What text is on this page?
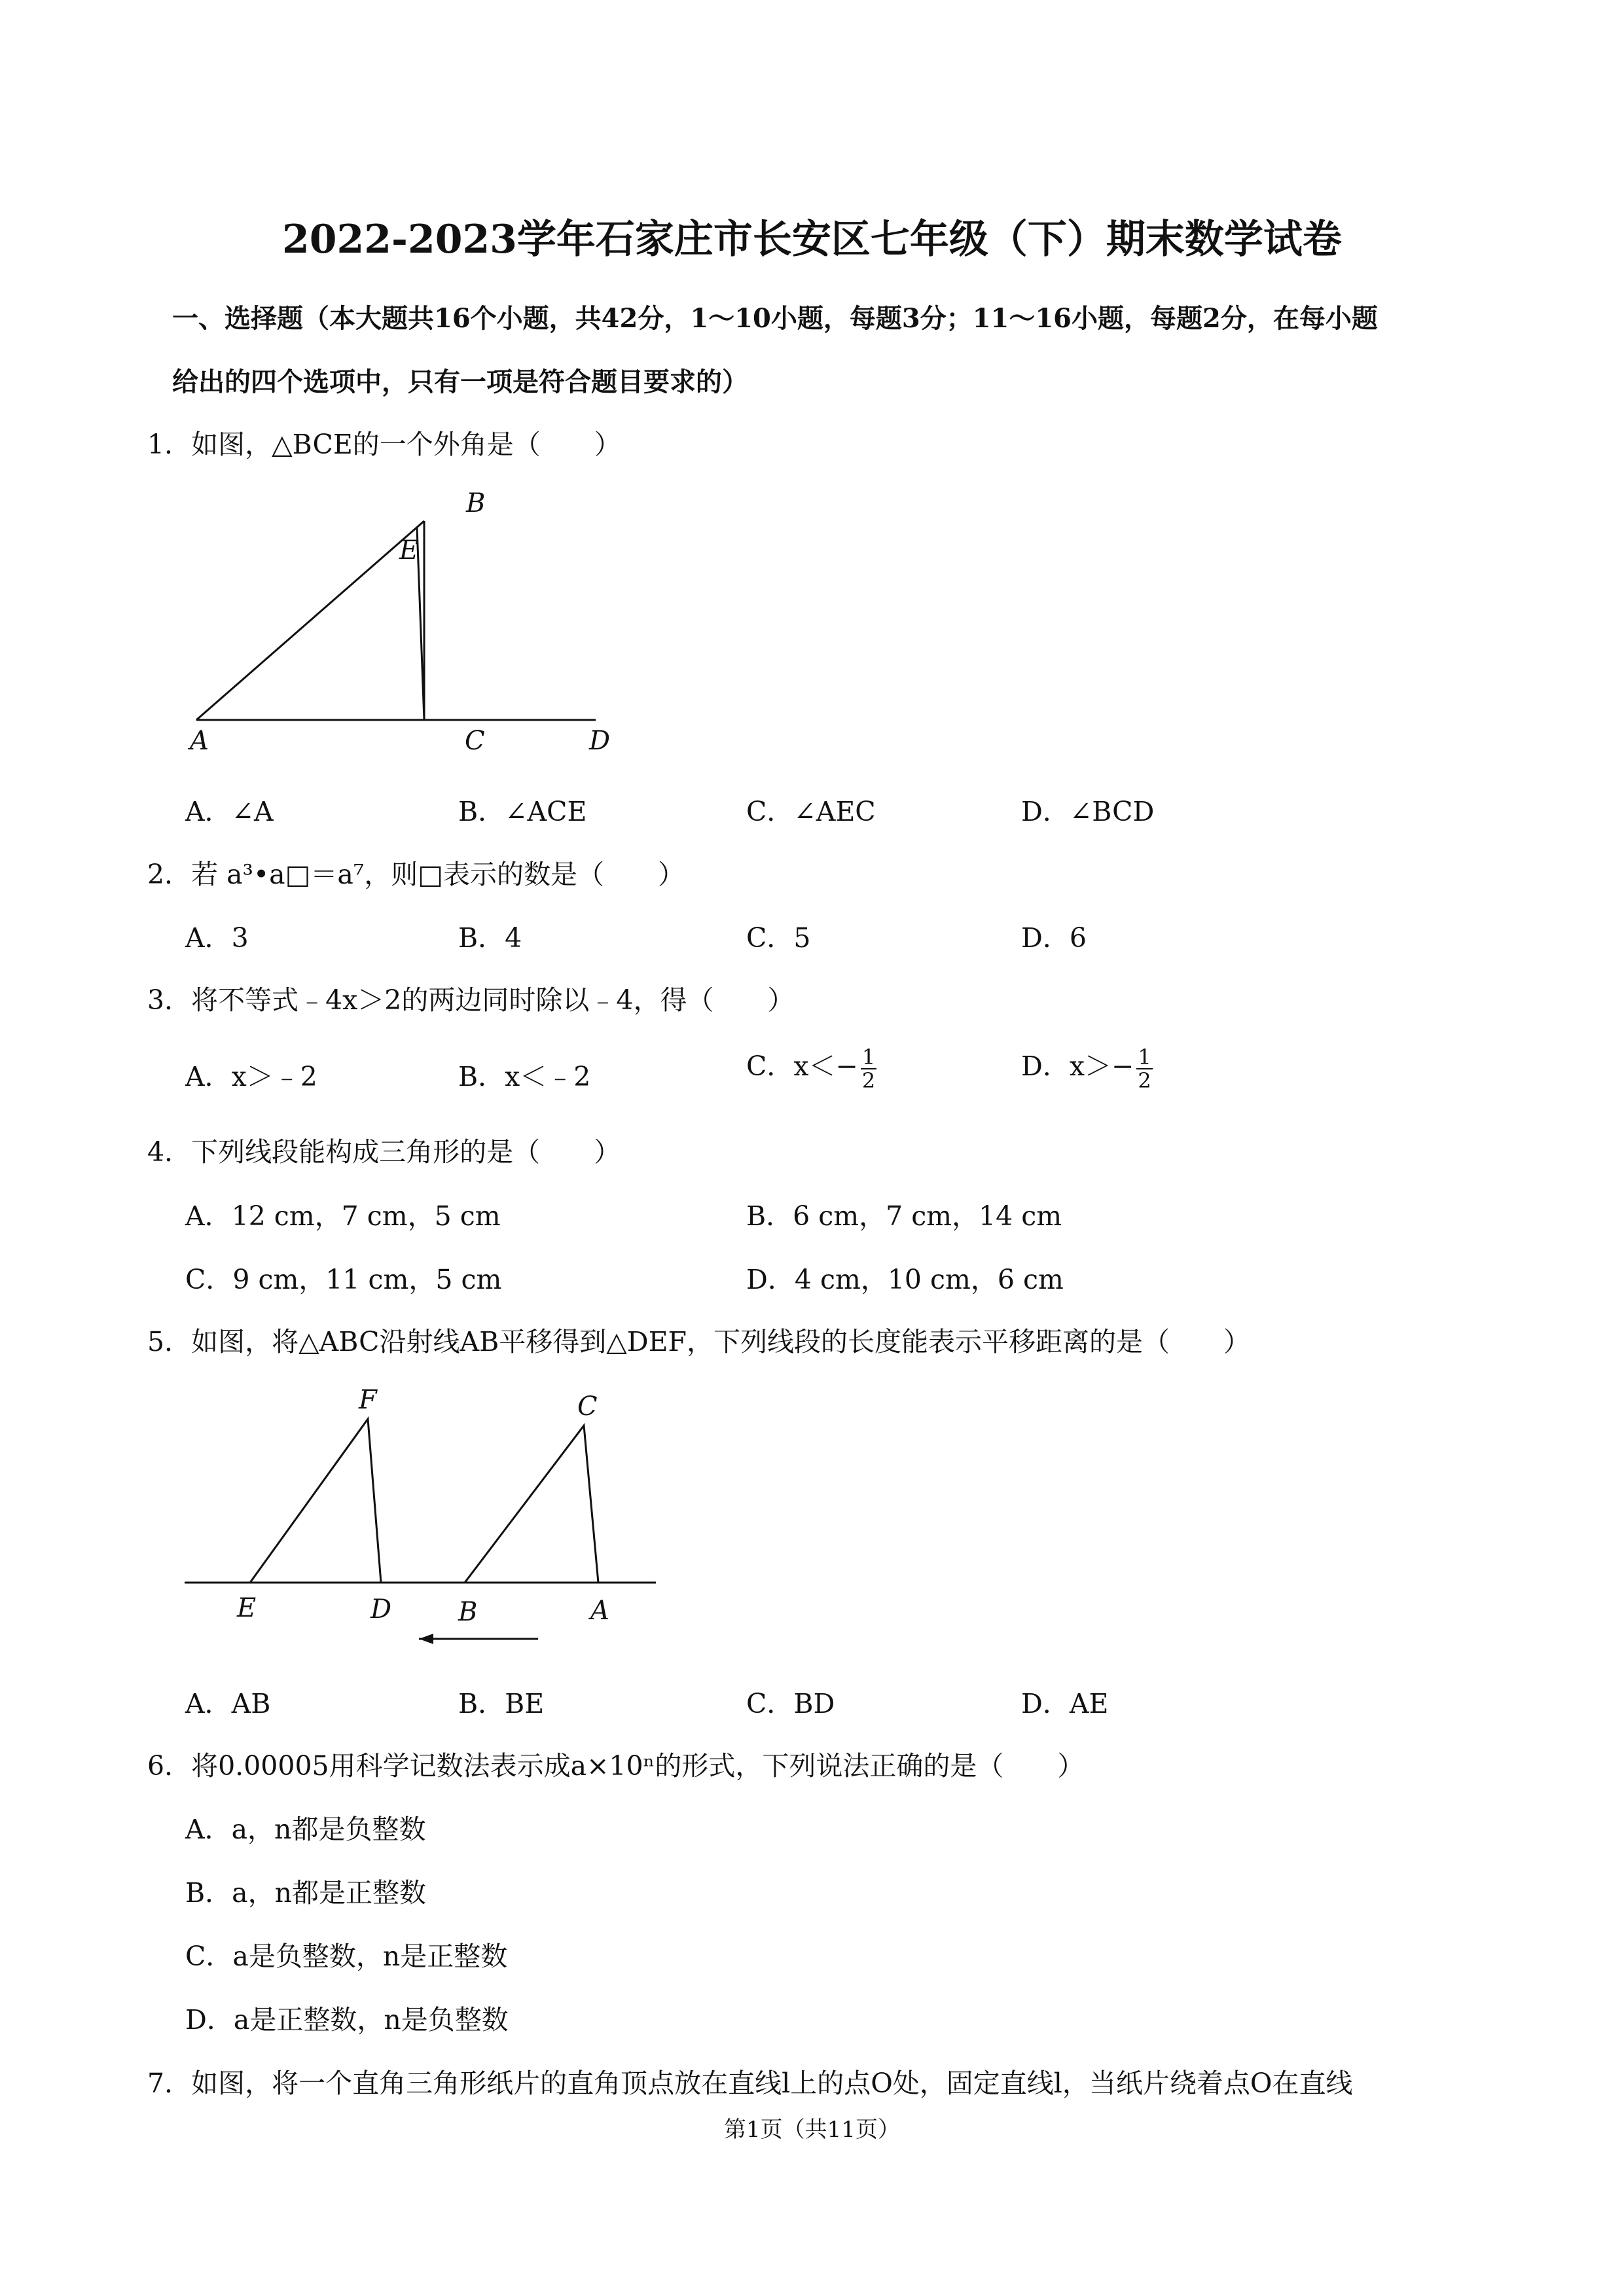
2022-2023学年石家庄市长安区七年级（下）期末数学试卷
一、选择题（本大题共16个小题，共42分，1～10小题，每题3分；11～16小题，每题2分，在每小题
给出的四个选项中，只有一项是符合题目要求的）
1．如图，△BCE的一个外角是（　　）
A
B
C	D
E
A．∠A	B．∠ACE	C．∠AEC	D．∠BCD
2．若 a³•a□＝a⁷，则□表示的数是（　　）
A．3	B．4	C．5	D．6
3．将不等式﹣4x＞2的两边同时除以﹣4，得（　　）
A．x＞﹣2	B．x＜﹣2	C．$x<- \frac{1}{2}$	D．$x>- \frac{1}{2}$
4．下列线段能构成三角形的是（　　）
A．12 cm，7 cm，5 cm	B．6 cm，7 cm，14 cm
C．9 cm，11 cm，5 cm	D．4 cm，10 cm，6 cm
5．如图，将△ABC沿射线AB平移得到△DEF，下列线段的长度能表示平移距离的是（　　）
F	C
E	D	B	A
A．AB	B．BE	C．BD	D．AE
6．将0.00005用科学记数法表示成a×10ⁿ的形式，下列说法正确的是（　　）
A．a，n都是负整数
B．a，n都是正整数
C．a是负整数，n是正整数
D．a是正整数，n是负整数
7．如图，将一个直角三角形纸片的直角顶点放在直线l上的点O处，固定直线l，当纸片绕着点O在直线
第1页（共11页）
